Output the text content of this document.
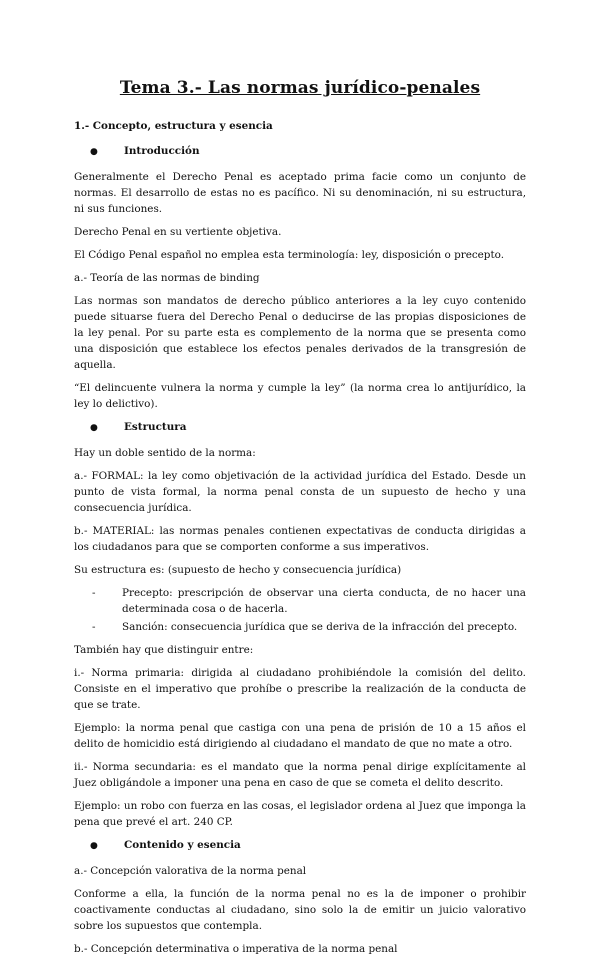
Tema 3.- Las normas jurídico-penales
1.- Concepto, estructura y esencia
●	Introducción

Generalmente el Derecho Penal es aceptado prima facie como un conjunto de normas. El desarrollo de estas no es pacífico. Ni su denominación, ni su estructura, ni sus funciones.

Derecho Penal en su vertiente objetiva.

El Código Penal español no emplea esta terminología: ley, disposición o precepto.

a.- Teoría de las normas de binding

Las normas son mandatos de derecho público anteriores a la ley cuyo contenido puede situarse fuera del Derecho Penal o deducirse de las propias disposiciones de la ley penal. Por su parte esta es complemento de la norma que se presenta como una disposición que establece los efectos penales derivados de la transgresión de aquella.

“El delincuente vulnera la norma y cumple la ley” (la norma crea lo antijurídico, la ley lo delictivo).

●	Estructura

Hay un doble sentido de la norma:

a.- FORMAL: la ley como objetivación de la actividad jurídica del Estado. Desde un punto de vista formal, la norma penal consta de un supuesto de hecho y una consecuencia jurídica.

b.- MATERIAL: las normas penales contienen expectativas de conducta dirigidas a los ciudadanos para que se comporten conforme a sus imperativos.

Su estructura es: (supuesto de hecho y consecuencia jurídica)

-	Precepto: prescripción de observar una cierta conducta, de no hacer una determinada cosa o de hacerla.
-	Sanción: consecuencia jurídica que se deriva de la infracción del precepto.

También hay que distinguir entre:

i.- Norma primaria: dirigida al ciudadano prohibiéndole la comisión del delito. Consiste en el imperativo que prohíbe o prescribe la realización de la conducta de que se trate.

Ejemplo: la norma penal que castiga con una pena de prisión de 10 a 15 años el delito de homicidio está dirigiendo al ciudadano el mandato de que no mate a otro.

ii.- Norma secundaria: es el mandato que la norma penal dirige explícitamente al Juez obligándole a imponer una pena en caso de que se cometa el delito descrito.

Ejemplo: un robo con fuerza en las cosas, el legislador ordena al Juez que imponga la pena que prevé el art. 240 CP.

●	Contenido y esencia

a.- Concepción valorativa de la norma penal

Conforme a ella, la función de la norma penal no es la de imponer o prohibir coactivamente conductas al ciudadano, sino solo la de emitir un juicio valorativo sobre los supuestos que contempla.

b.- Concepción determinativa o imperativa de la norma penal
